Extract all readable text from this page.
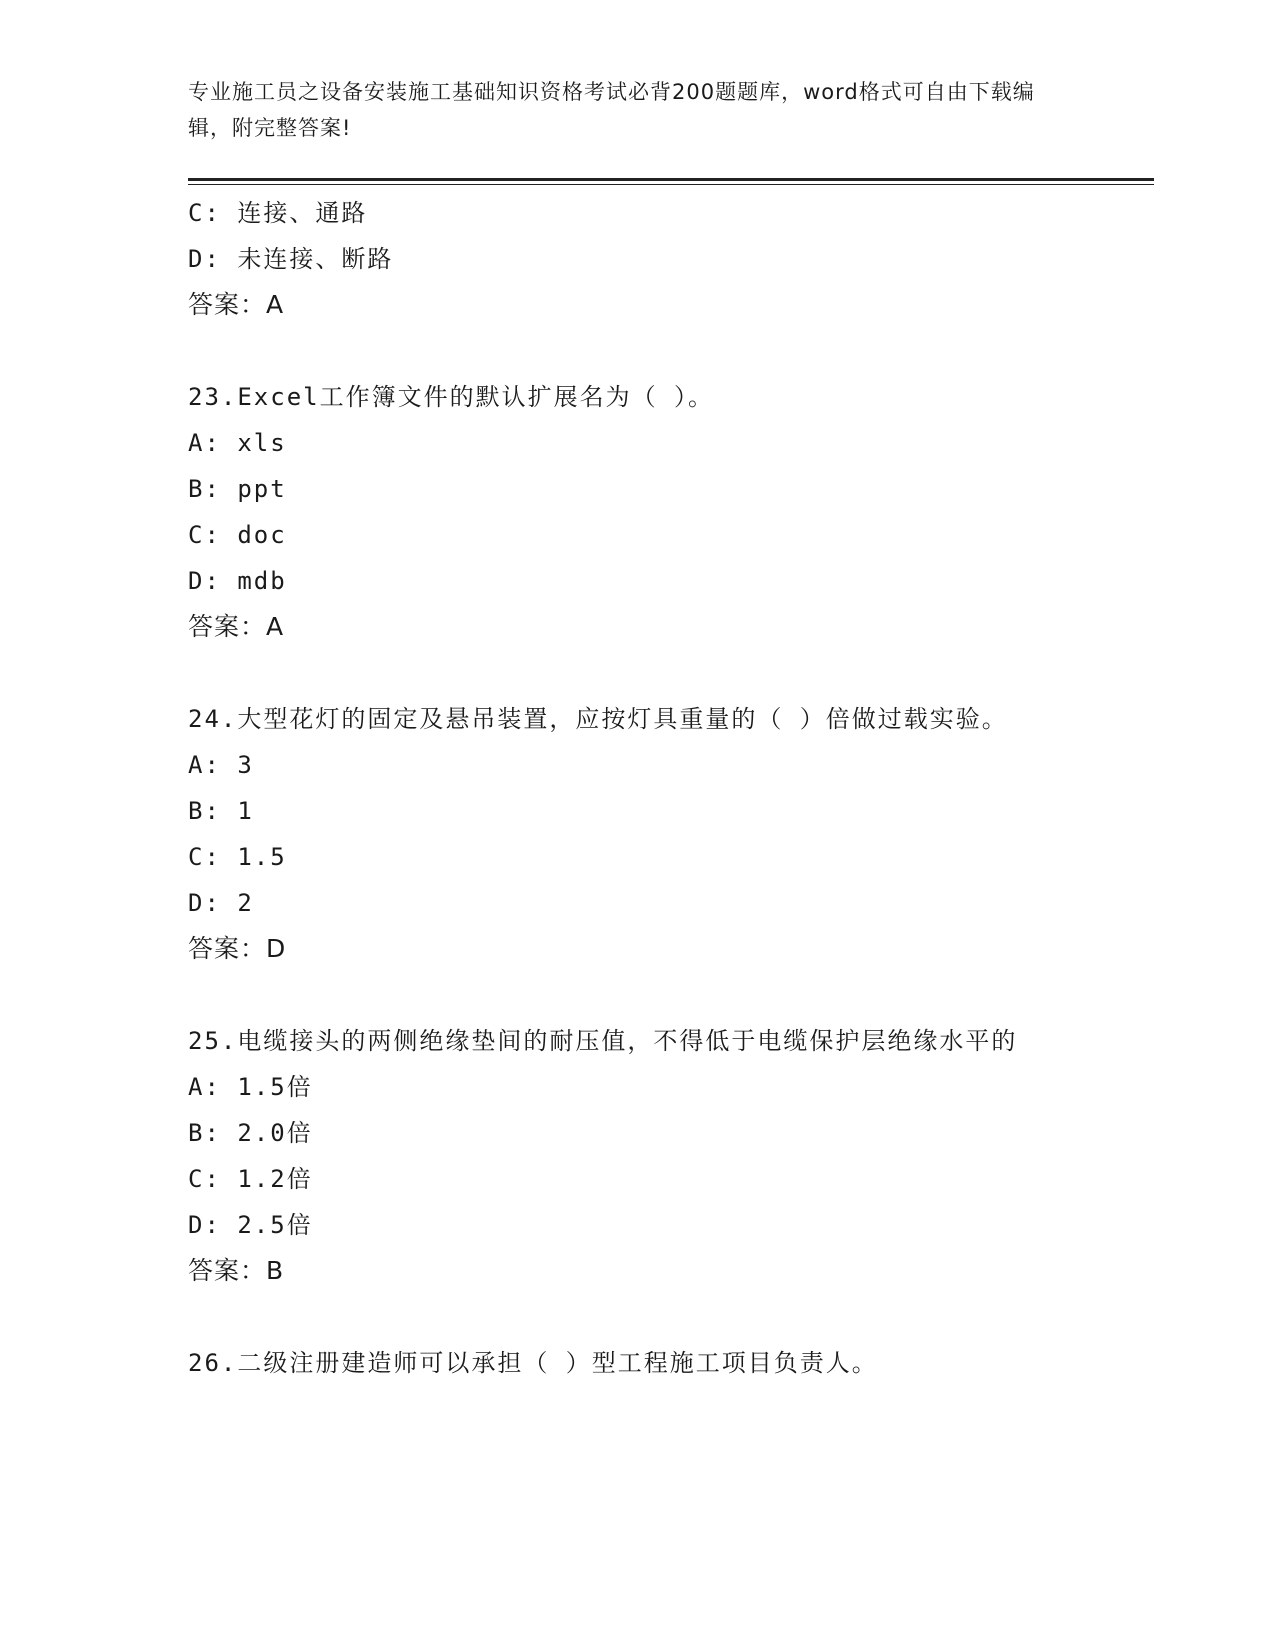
专业施工员之设备安装施工基础知识资格考试必背200题题库，word格式可自由下载编辑，附完整答案!
C: 连接、通路
D: 未连接、断路
答案：A
23.Excel工作簿文件的默认扩展名为（ ）。
A: xls
B: ppt
C: doc
D: mdb
答案：A
24.大型花灯的固定及悬吊装置，应按灯具重量的（ ）倍做过载实验。
A: 3
B: 1
C: 1.5
D: 2
答案：D
25.电缆接头的两侧绝缘垫间的耐压值，不得低于电缆保护层绝缘水平的
A: 1.5倍
B: 2.0倍
C: 1.2倍
D: 2.5倍
答案：B
26.二级注册建造师可以承担（ ）型工程施工项目负责人。
